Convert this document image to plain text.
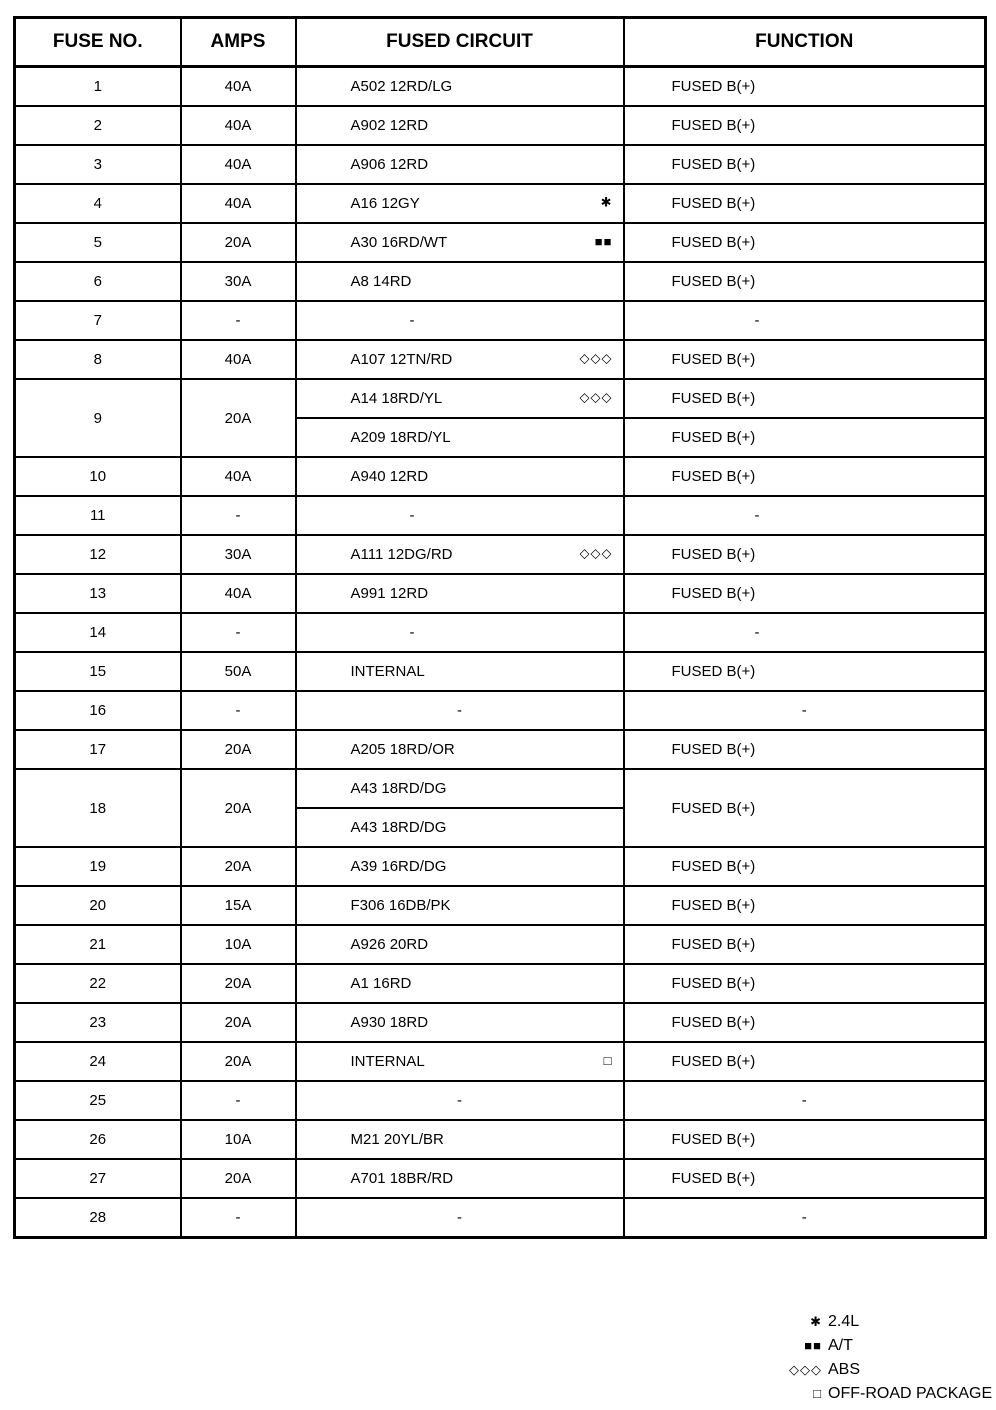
FUSE NO.	AMPS	FUSED CIRCUIT	FUNCTION
1	40A	A502 12RD/LG	FUSED B(+)
2	40A	A902 12RD	FUSED B(+)
3	40A	A906 12RD	FUSED B(+)
4	40A	A16 12GY ✱	FUSED B(+)
5	20A	A30 16RD/WT ■■	FUSED B(+)
6	30A	A8 14RD	FUSED B(+)
7	-	-	-
8	40A	A107 12TN/RD ◇◇◇	FUSED B(+)
9	20A	A14 18RD/YL ◇◇◇	FUSED B(+)
		A209 18RD/YL	FUSED B(+)
10	40A	A940 12RD	FUSED B(+)
11	-	-	-
12	30A	A111 12DG/RD ◇◇◇	FUSED B(+)
13	40A	A991 12RD	FUSED B(+)
14	-	-	-
15	50A	INTERNAL	FUSED B(+)
16	-	-	-
17	20A	A205 18RD/OR	FUSED B(+)
18	20A	A43 18RD/DG	FUSED B(+)
		A43 18RD/DG	
19	20A	A39 16RD/DG	FUSED B(+)
20	15A	F306 16DB/PK	FUSED B(+)
21	10A	A926 20RD	FUSED B(+)
22	20A	A1 16RD	FUSED B(+)
23	20A	A930 18RD	FUSED B(+)
24	20A	INTERNAL □	FUSED B(+)
25	-	-	-
26	10A	M21 20YL/BR	FUSED B(+)
27	20A	A701 18BR/RD	FUSED B(+)
28	-	-	-
✱ 2.4L
■■ A/T
◇◇◇ ABS
□ OFF-ROAD PACKAGE
